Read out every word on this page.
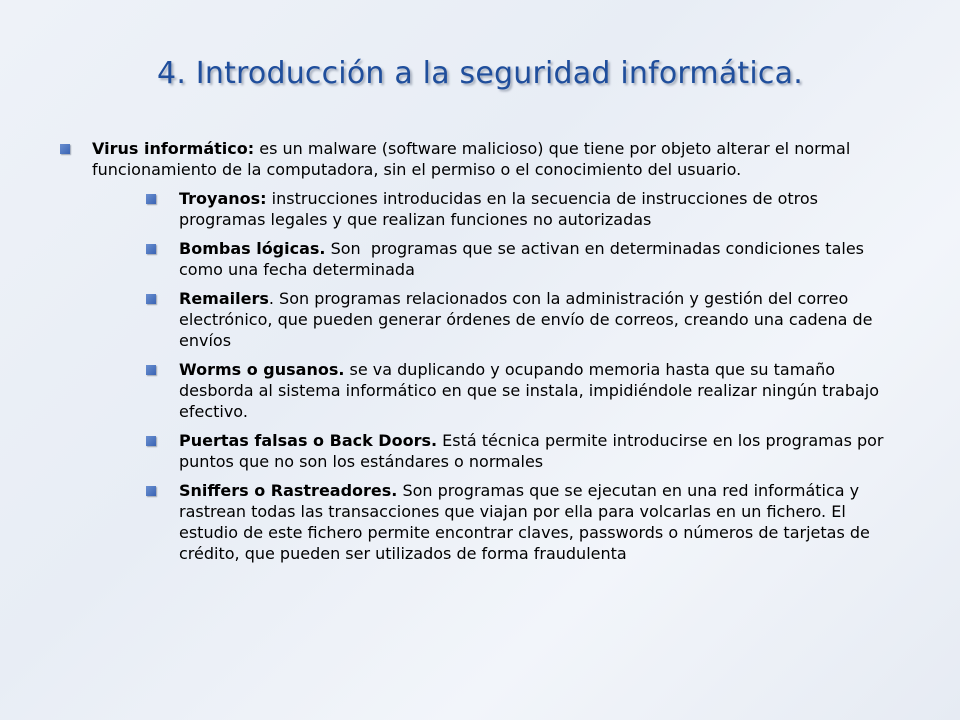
4. Introducción a la seguridad informática.
Virus informático: es un malware (software malicioso) que tiene por objeto alterar el normal funcionamiento de la computadora, sin el permiso o el conocimiento del usuario.
Troyanos: instrucciones introducidas en la secuencia de instrucciones de otros programas legales y que realizan funciones no autorizadas
Bombas lógicas. Son  programas que se activan en determinadas condiciones tales como una fecha determinada
Remailers. Son programas relacionados con la administración y gestión del correo electrónico, que pueden generar órdenes de envío de correos, creando una cadena de envíos
Worms o gusanos. se va duplicando y ocupando memoria hasta que su tamaño desborda al sistema informático en que se instala, impidiéndole realizar ningún trabajo efectivo.
Puertas falsas o Back Doors. Está técnica permite introducirse en los programas por puntos que no son los estándares o normales
Sniffers o Rastreadores. Son programas que se ejecutan en una red informática y rastrean todas las transacciones que viajan por ella para volcarlas en un fichero. El estudio de este fichero permite encontrar claves, passwords o números de tarjetas de crédito, que pueden ser utilizados de forma fraudulenta
